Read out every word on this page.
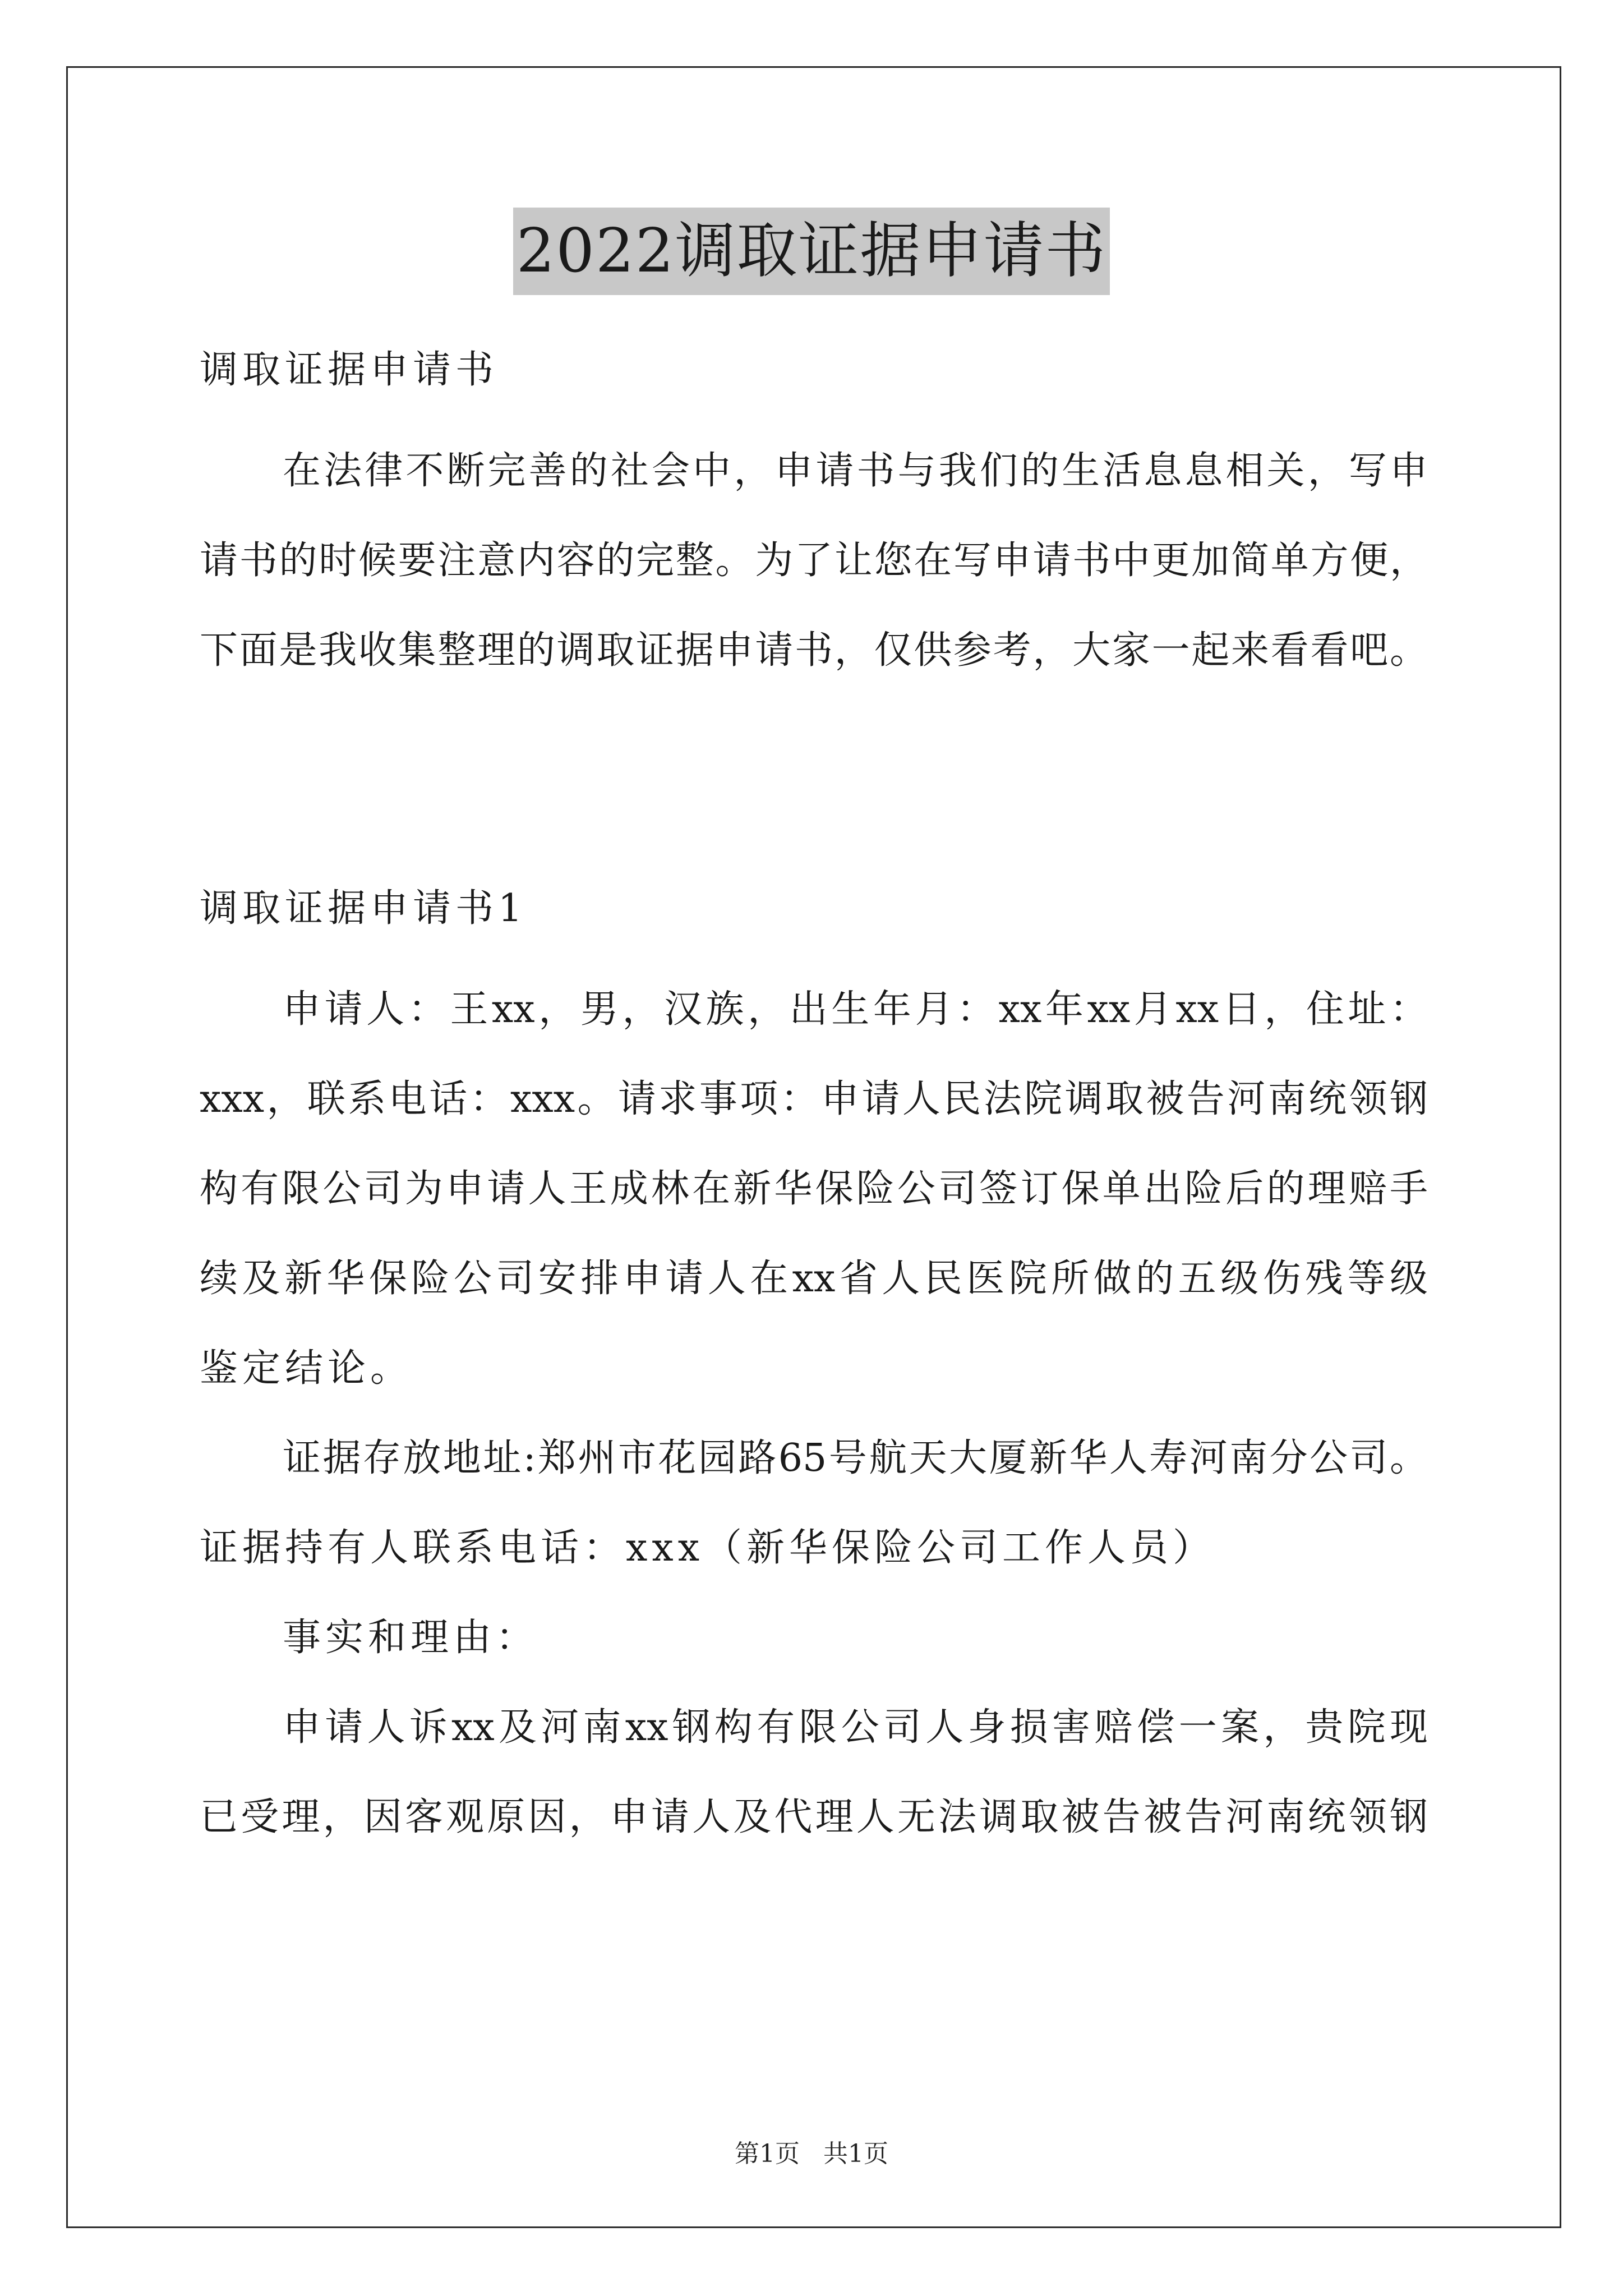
2022调取证据申请书
调取证据申请书
在法律不断完善的社会中，申请书与我们的生活息息相关，写申
请书的时候要注意内容的完整。为了让您在写申请书中更加简单方便，
下面是我收集整理的调取证据申请书，仅供参考，大家一起来看看吧。
调取证据申请书1
申请人：王xx，男，汉族，出生年月：xx年xx月xx日，住址：
xxx，联系电话：xxx。请求事项：申请人民法院调取被告河南统领钢
构有限公司为申请人王成林在新华保险公司签订保单出险后的理赔手
续及新华保险公司安排申请人在xx省人民医院所做的五级伤残等级
鉴定结论。
证据存放地址:郑州市花园路65号航天大厦新华人寿河南分公司。
证据持有人联系电话：xxx（新华保险公司工作人员）
事实和理由：
申请人诉xx及河南xx钢构有限公司人身损害赔偿一案，贵院现
已受理，因客观原因，申请人及代理人无法调取被告被告河南统领钢
第1页 共1页
